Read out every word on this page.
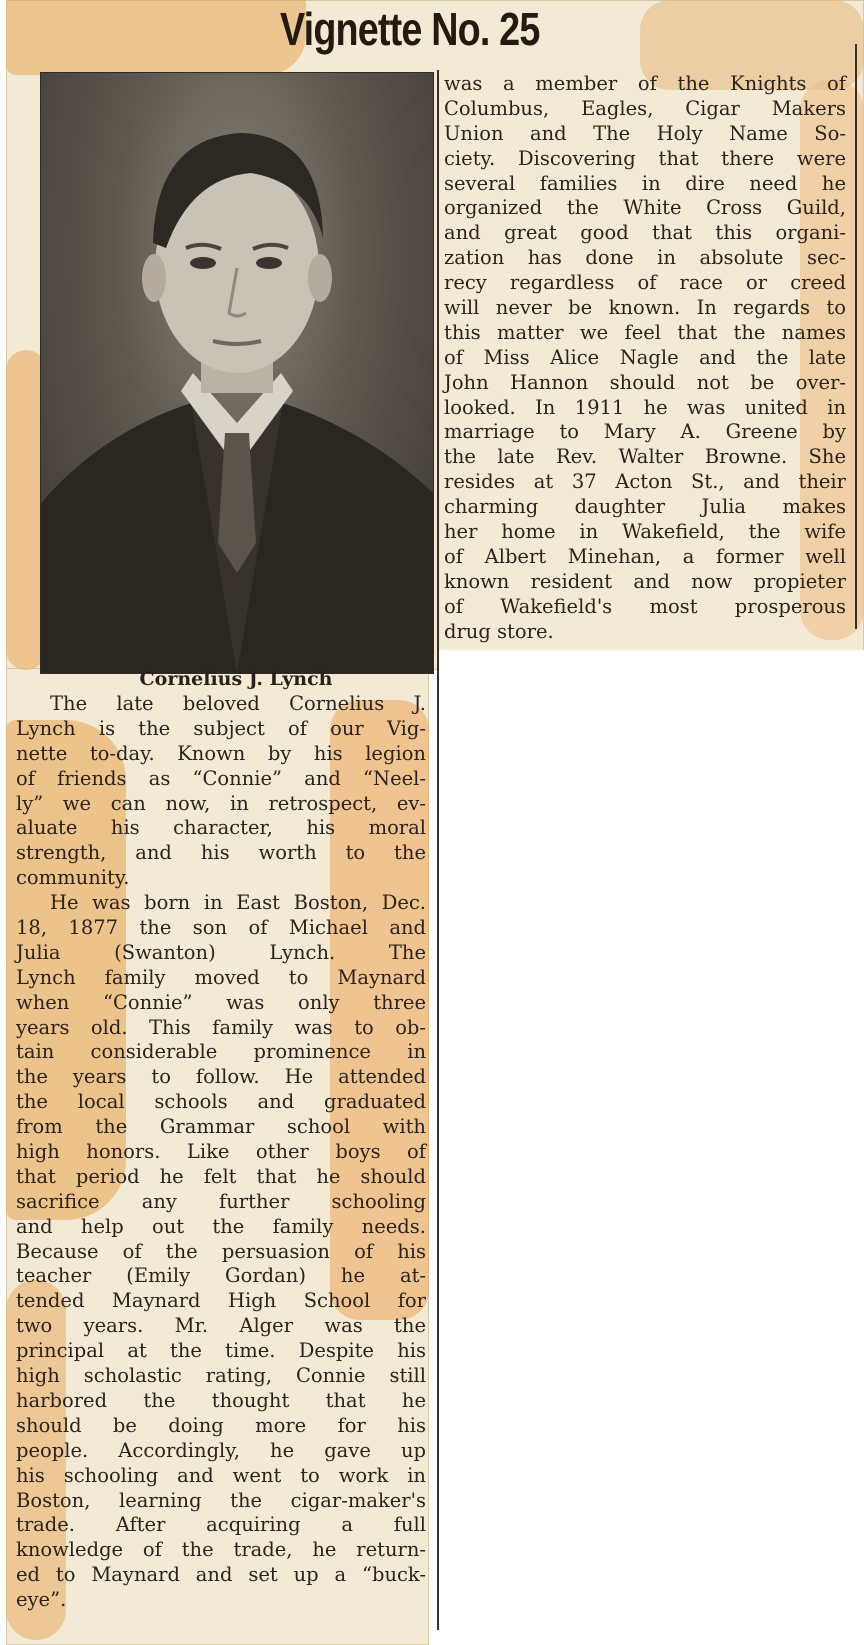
Vignette No. 25
Cornelius J. Lynch
was a member of the Knights of
Columbus, Eagles, Cigar Makers
Union and The Holy Name So-
ciety. Discovering that there were
several families in dire need he
organized the White Cross Guild,
and great good that this organi-
zation has done in absolute sec-
recy regardless of race or creed
will never be known. In regards to
this matter we feel that the names
of Miss Alice Nagle and the late
John Hannon should not be over-
looked. In 1911 he was united in
marriage to Mary A. Greene by
the late Rev. Walter Browne. She
resides at 37 Acton St., and their
charming daughter Julia makes
her home in Wakefield, the wife
of Albert Minehan, a former well
known resident and now propieter
of Wakefield's most prosperous
drug store.
The late beloved Cornelius J.
Lynch is the subject of our Vig-
nette to-day. Known by his legion
of friends as “Connie” and “Neel-
ly” we can now, in retrospect, ev-
aluate his character, his moral
strength, and his worth to the
community.
He was born in East Boston, Dec.
18, 1877 the son of Michael and
Julia (Swanton) Lynch. The
Lynch family moved to Maynard
when “Connie” was only three
years old. This family was to ob-
tain considerable prominence in
the years to follow. He attended
the local schools and graduated
from the Grammar school with
high honors. Like other boys of
that period he felt that he should
sacrifice any further schooling
and help out the family needs.
Because of the persuasion of his
teacher (Emily Gordan) he at-
tended Maynard High School for
two years. Mr. Alger was the
principal at the time. Despite his
high scholastic rating, Connie still
harbored the thought that he
should be doing more for his
people. Accordingly, he gave up
his schooling and went to work in
Boston, learning the cigar-maker's
trade. After acquiring a full
knowledge of the trade, he return-
ed to Maynard and set up a “buck-
eye”.
